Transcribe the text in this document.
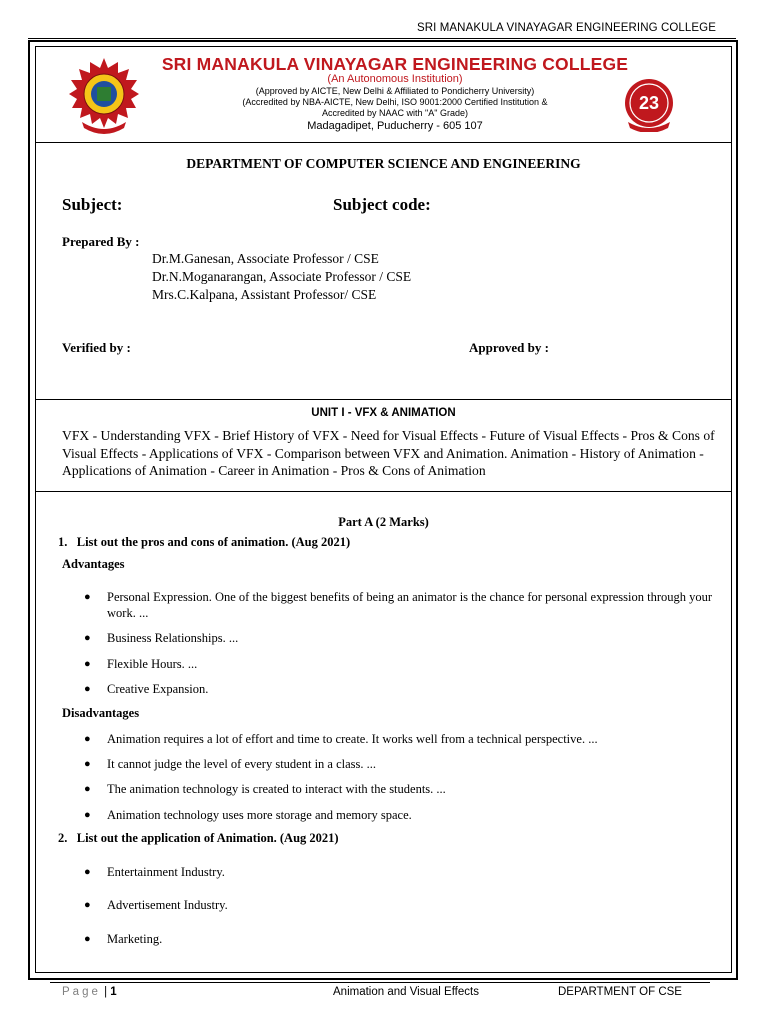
SRI MANAKULA VINAYAGAR ENGINEERING COLLEGE
SRI MANAKULA VINAYAGAR ENGINEERING COLLEGE
(An Autonomous Institution)
(Approved by AICTE, New Delhi & Affiliated to Pondicherry University)
(Accredited by NBA-AICTE, New Delhi, ISO 9001:2000 Certified Institution &
Accredited by NAAC with "A" Grade)
Madagadipet, Puducherry - 605 107
23
DEPARTMENT OF COMPUTER SCIENCE AND ENGINEERING
Subject:	Subject code:
Prepared By :
Dr.M.Ganesan, Associate Professor / CSE
Dr.N.Moganarangan, Associate Professor / CSE
Mrs.C.Kalpana, Assistant Professor/ CSE
Verified by :	Approved by :
UNIT I - VFX & ANIMATION
VFX - Understanding VFX - Brief History of VFX - Need for Visual Effects - Future of Visual Effects - Pros & Cons of Visual Effects - Applications of VFX - Comparison between VFX and Animation. Animation - History of Animation - Applications of Animation - Career in Animation - Pros & Cons of Animation
Part A (2 Marks)
1. List out the pros and cons of animation. (Aug 2021)
Advantages
● Personal Expression. One of the biggest benefits of being an animator is the chance for personal expression through your work. ...
● Business Relationships. ...
● Flexible Hours. ...
● Creative Expansion.
Disadvantages
● Animation requires a lot of effort and time to create. It works well from a technical perspective. ...
● It cannot judge the level of every student in a class. ...
● The animation technology is created to interact with the students. ...
● Animation technology uses more storage and memory space.
2. List out the application of Animation. (Aug 2021)
● Entertainment Industry.
● Advertisement Industry.
● Marketing.
Page | 1	Animation and Visual Effects	DEPARTMENT OF CSE
